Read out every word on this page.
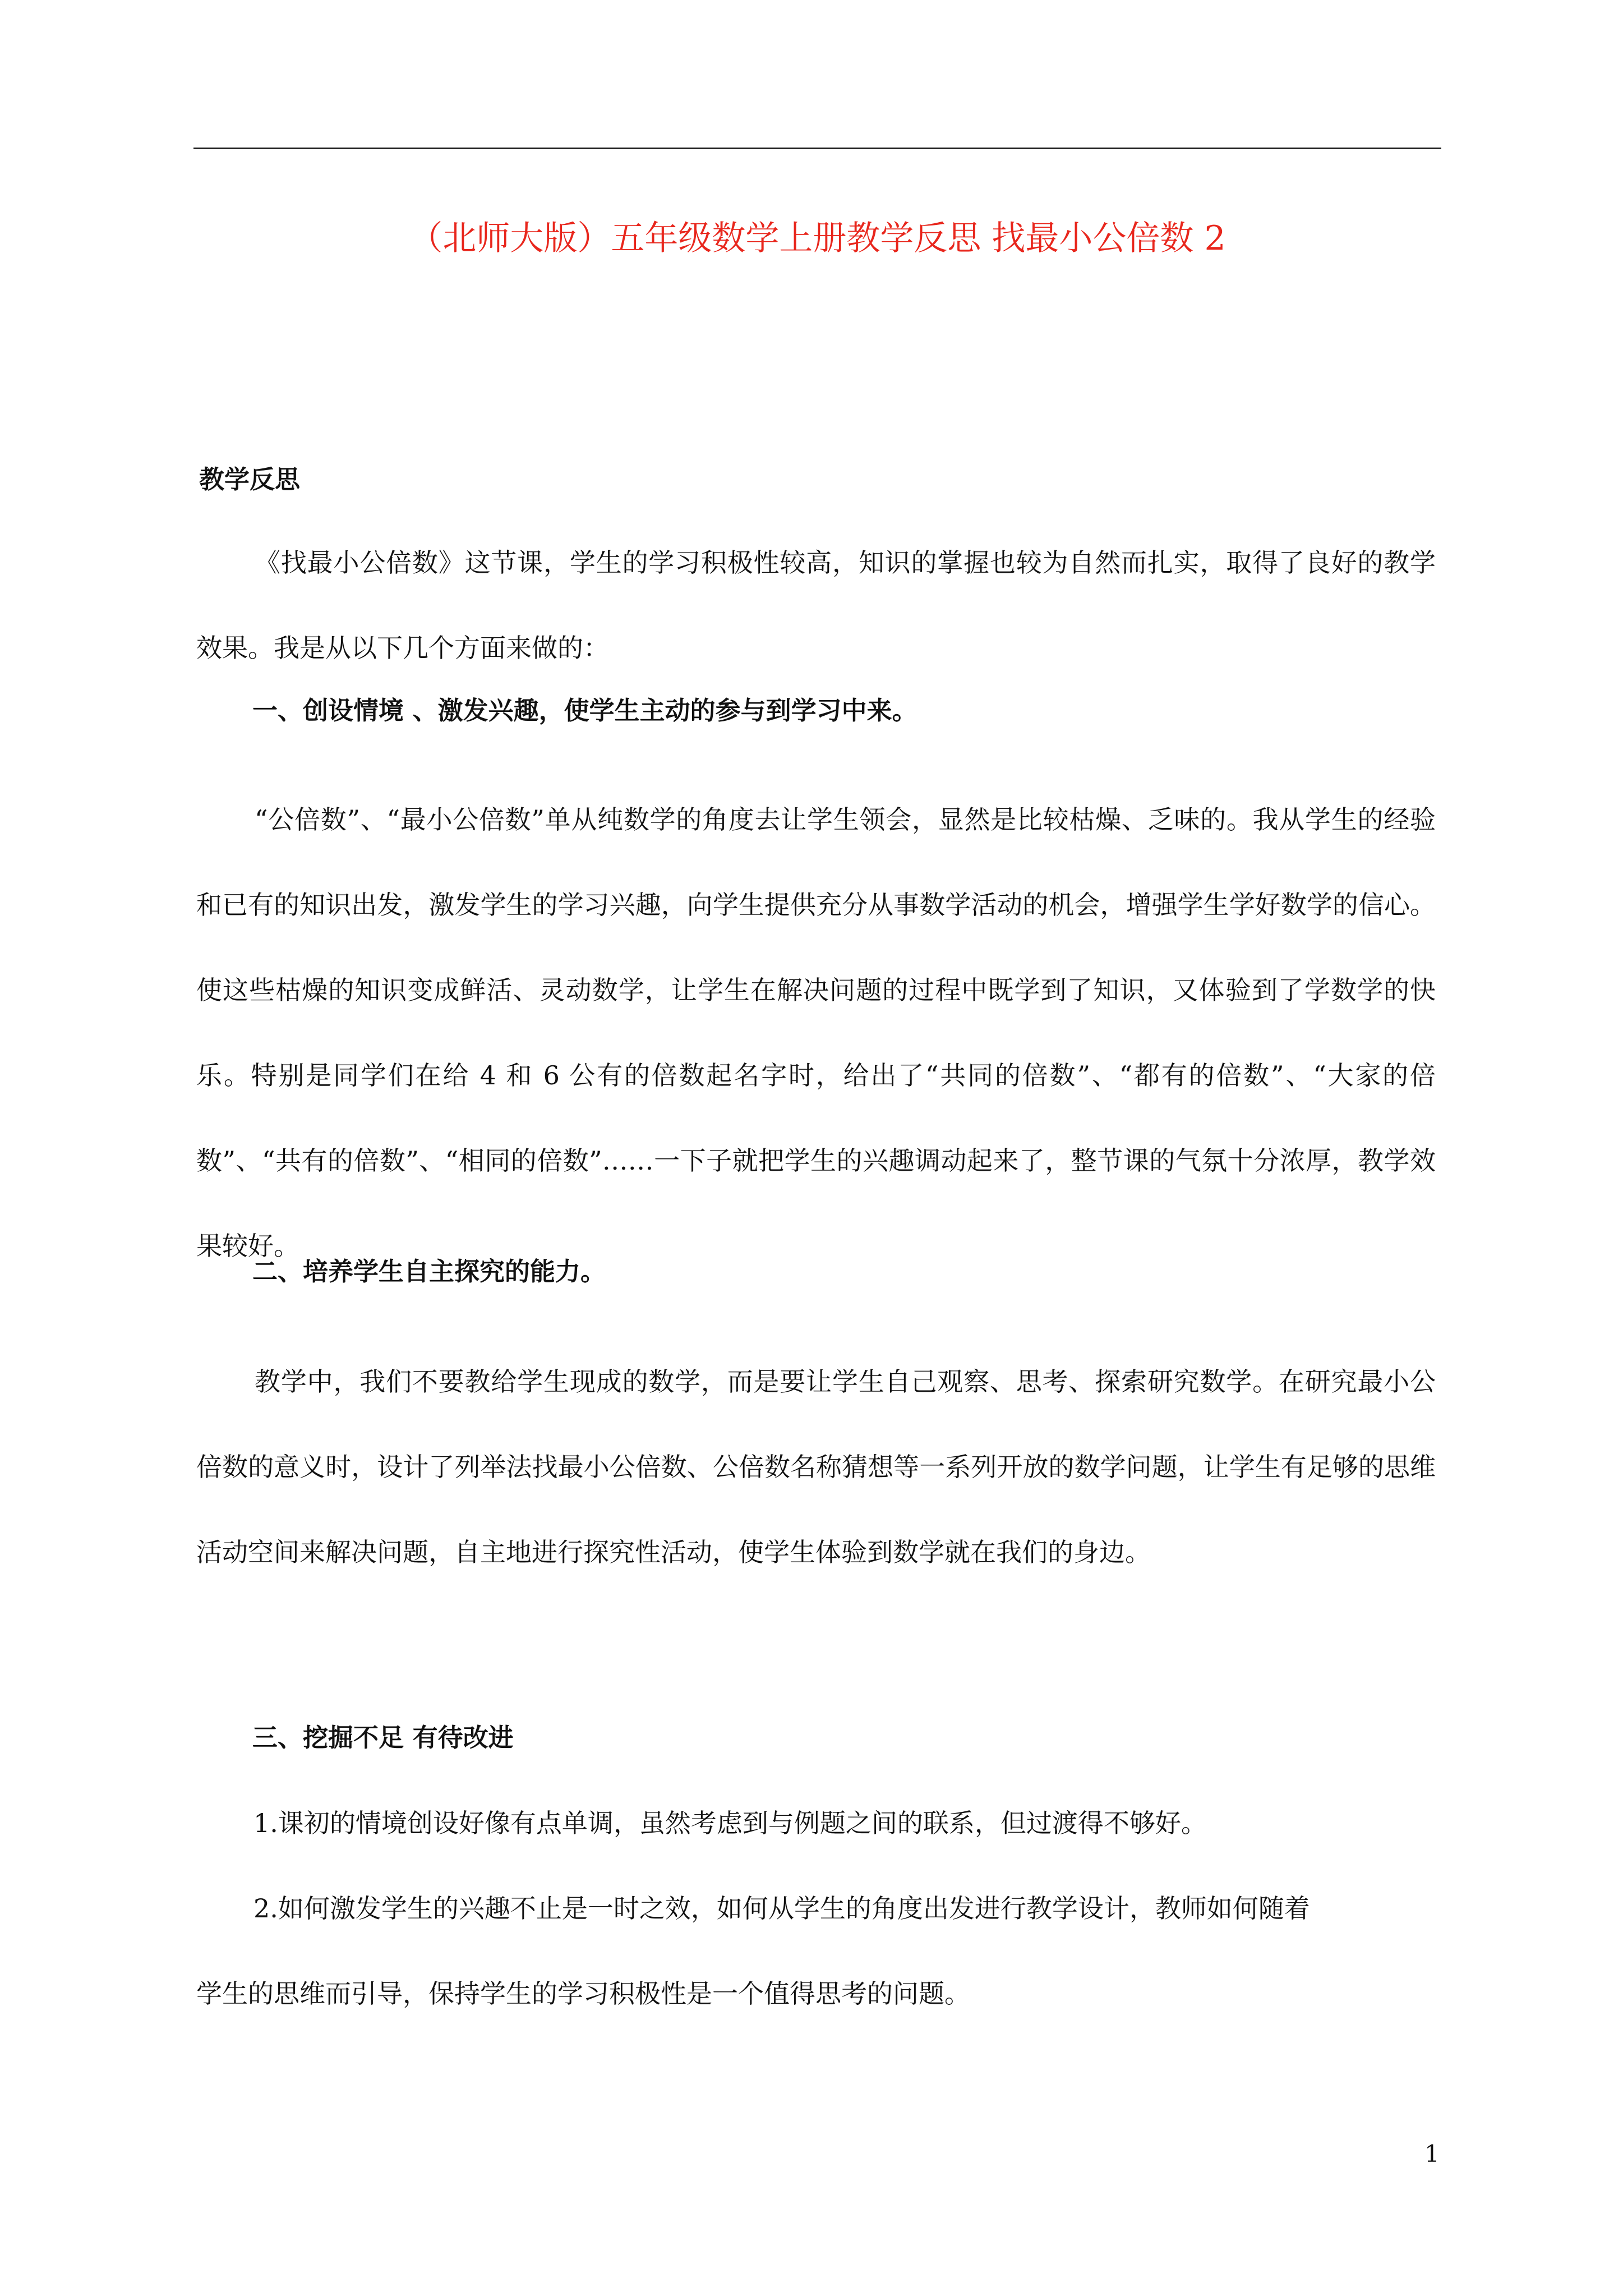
（北师大版）五年级数学上册教学反思 找最小公倍数 2
教学反思
《找最小公倍数》这节课，学生的学习积极性较高，知识的掌握也较为自然而扎实，取得了良好的教学效果。我是从以下几个方面来做的：
一、创设情境 、激发兴趣，使学生主动的参与到学习中来。
“公倍数”、“最小公倍数”单从纯数学的角度去让学生领会，显然是比较枯燥、乏味的。我从学生的经验和已有的知识出发，激发学生的学习兴趣，向学生提供充分从事数学活动的机会，增强学生学好数学的信心。使这些枯燥的知识变成鲜活、灵动数学，让学生在解决问题的过程中既学到了知识，又体验到了学数学的快乐。特别是同学们在给 4 和 6 公有的倍数起名字时，给出了“共同的倍数”、“都有的倍数”、“大家的倍数”、“共有的倍数”、“相同的倍数”……一下子就把学生的兴趣调动起来了，整节课的气氛十分浓厚，教学效果较好。
二、培养学生自主探究的能力。
教学中，我们不要教给学生现成的数学，而是要让学生自己观察、思考、探索研究数学。在研究最小公倍数的意义时，设计了列举法找最小公倍数、公倍数名称猜想等一系列开放的数学问题，让学生有足够的思维活动空间来解决问题，自主地进行探究性活动，使学生体验到数学就在我们的身边。
三、挖掘不足 有待改进
1.课初的情境创设好像有点单调，虽然考虑到与例题之间的联系，但过渡得不够好。
2.如何激发学生的兴趣不止是一时之效，如何从学生的角度出发进行教学设计，教师如何随着
学生的思维而引导，保持学生的学习积极性是一个值得思考的问题。
1
